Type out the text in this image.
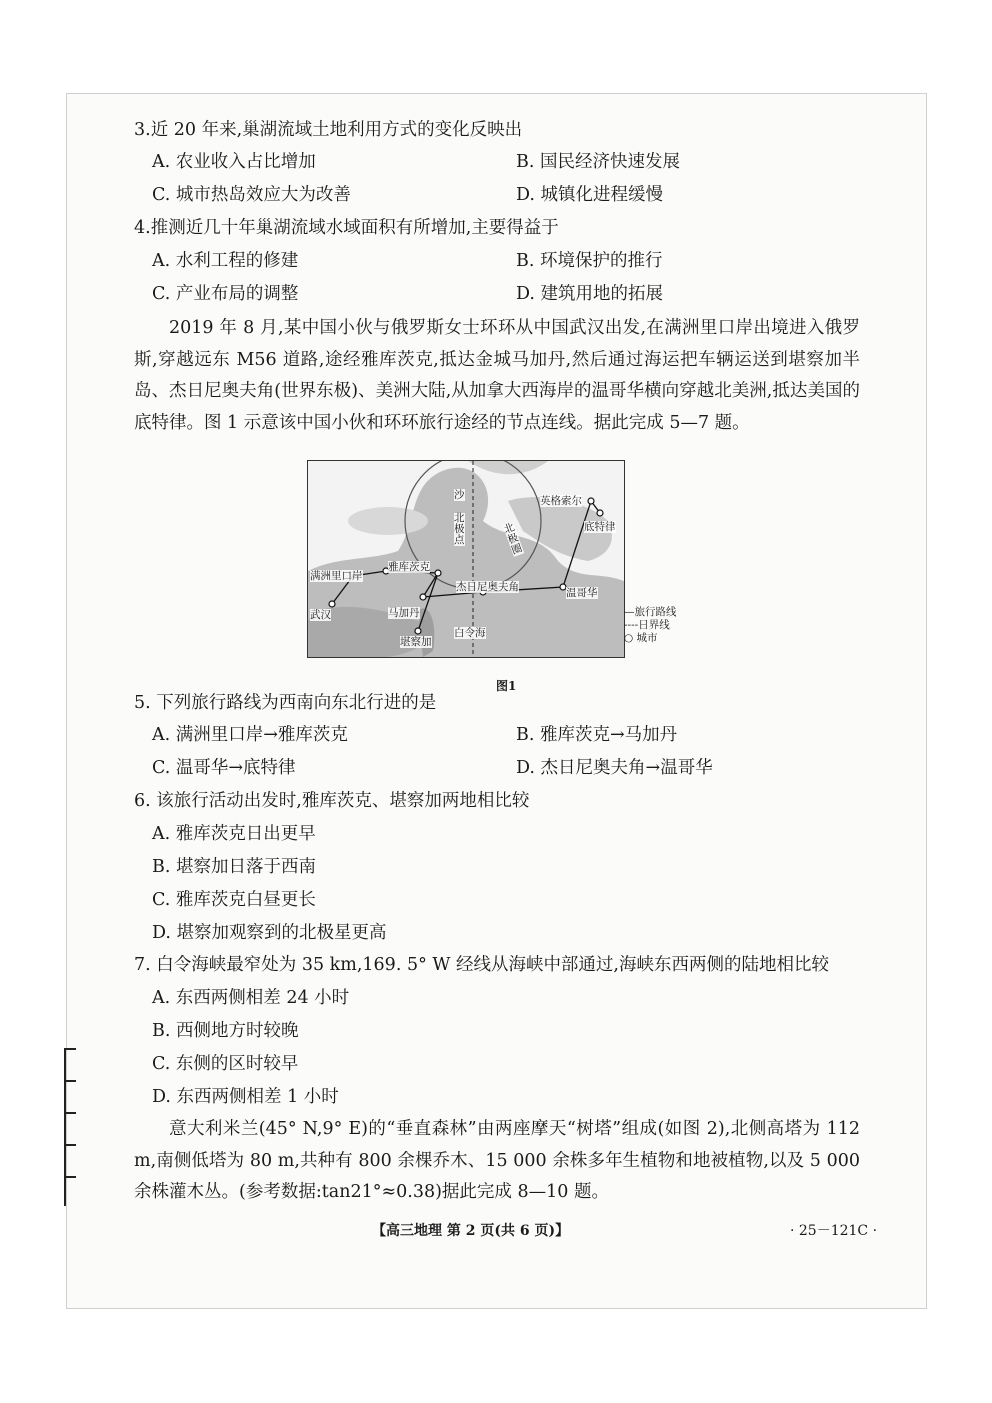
3.近 20 年来,巢湖流域土地利用方式的变化反映出
A. 农业收入占比增加	B. 国民经济快速发展
C. 城市热岛效应大为改善	D. 城镇化进程缓慢
4.推测近几十年巢湖流域水域面积有所增加,主要得益于
A. 水利工程的修建	B. 环境保护的推行
C. 产业布局的调整	D. 建筑用地的拓展
2019 年 8 月,某中国小伙与俄罗斯女士环环从中国武汉出发,在满洲里口岸出境进入俄罗斯,穿越远东 M56 道路,途经雅库茨克,抵达金城马加丹,然后通过海运把车辆运送到堪察加半岛、杰日尼奥夫角(世界东极)、美洲大陆,从加拿大西海岸的温哥华横向穿越北美洲,抵达美国的底特律。图 1 示意该中国小伙和环环旅行途经的节点连线。据此完成 5—7 题。
英格索尔
底特律
满洲里口岸
雅库茨克
杰日尼奥夫角	温哥华
武汉	马加丹
堪察加
白令海
沙
北极点
北极圈
—旅行路线
----日界线
○ 城市
图1
5. 下列旅行路线为西南向东北行进的是
A. 满洲里口岸→雅库茨克	B. 雅库茨克→马加丹
C. 温哥华→底特律	D. 杰日尼奥夫角→温哥华
6. 该旅行活动出发时,雅库茨克、堪察加两地相比较
A. 雅库茨克日出更早
B. 堪察加日落于西南
C. 雅库茨克白昼更长
D. 堪察加观察到的北极星更高
7. 白令海峡最窄处为 35 km,169. 5° W 经线从海峡中部通过,海峡东西两侧的陆地相比较
A. 东西两侧相差 24 小时
B. 西侧地方时较晚
C. 东侧的区时较早
D. 东西两侧相差 1 小时
意大利米兰(45° N,9° E)的“垂直森林”由两座摩天“树塔”组成(如图 2),北侧高塔为 112 m,南侧低塔为 80 m,共种有 800 余棵乔木、15 000 余株多年生植物和地被植物,以及 5 000 余株灌木丛。(参考数据:tan21°≈0.38)据此完成 8—10 题。
【高三地理 第 2 页(共 6 页)】	· 25－121C ·
